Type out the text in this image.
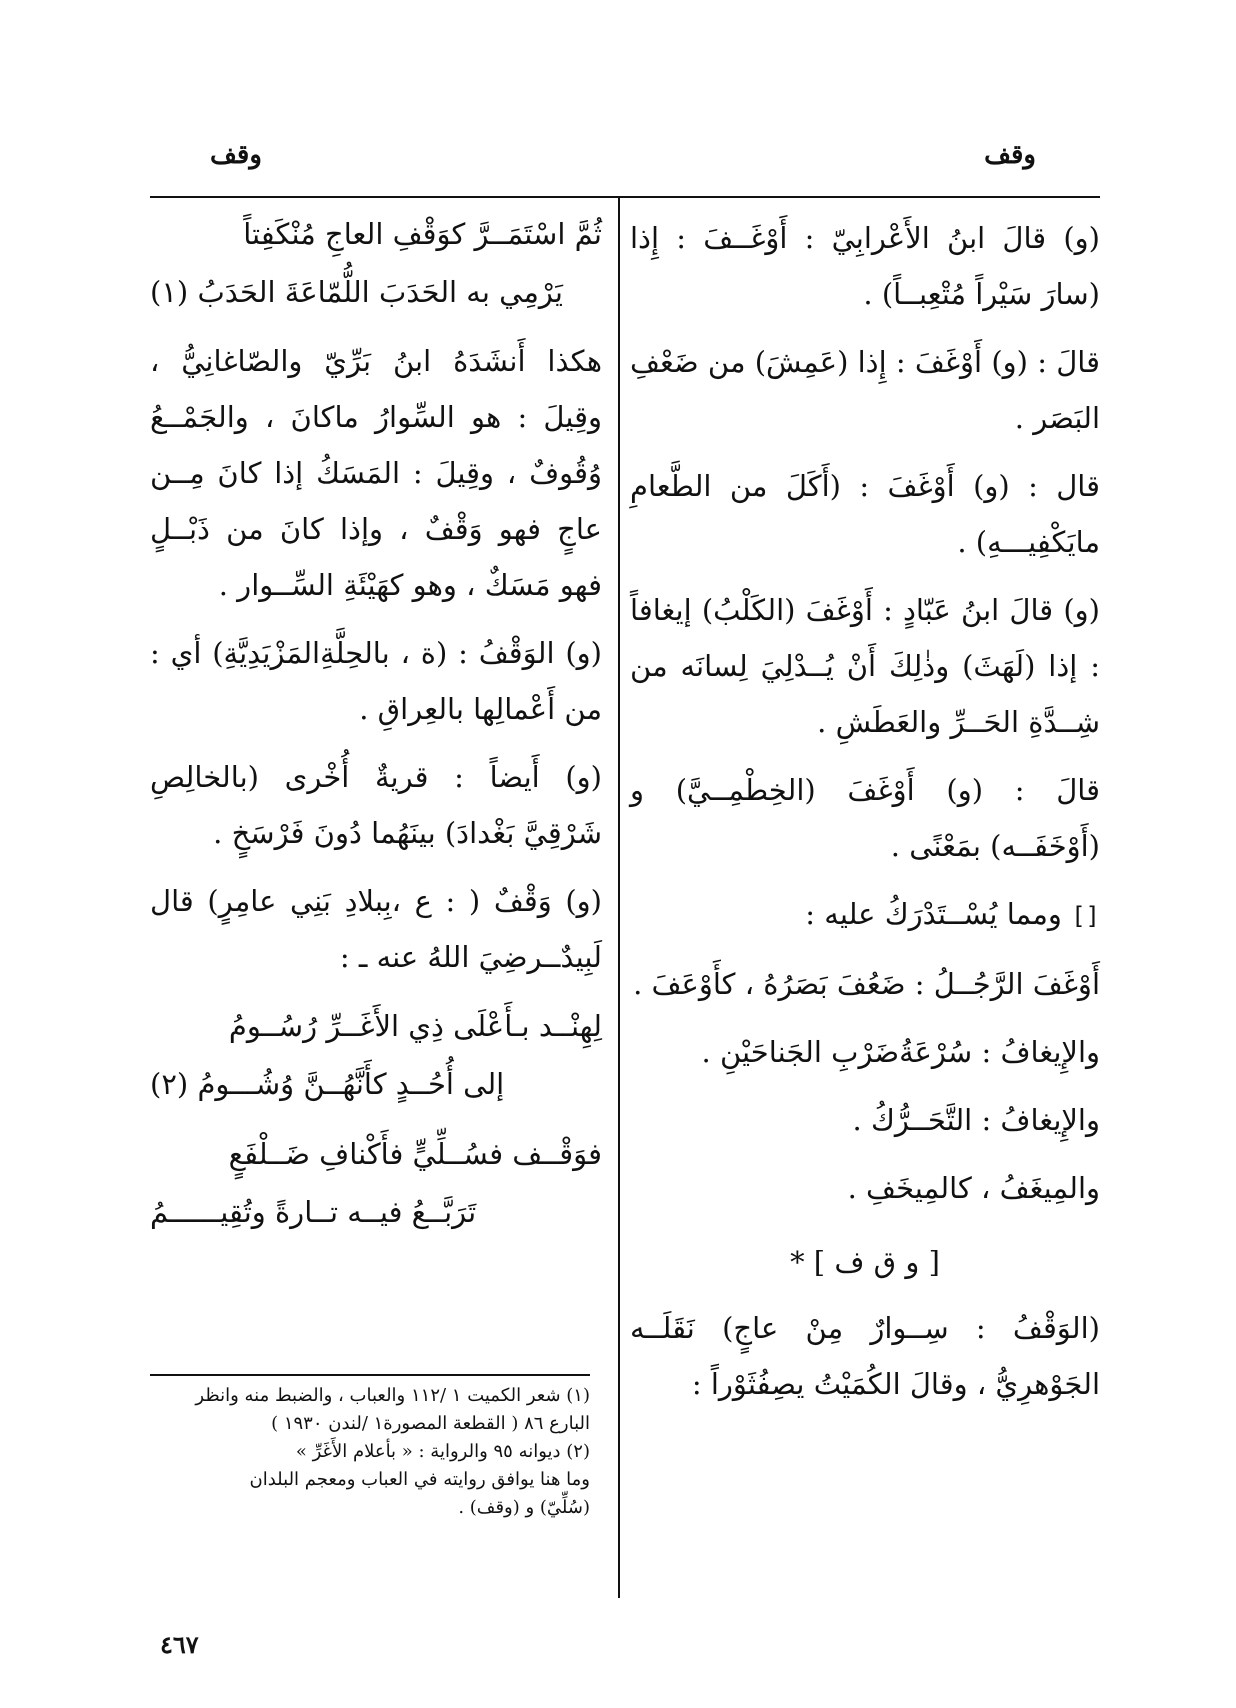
وقف	وقف

(و) قالَ ابنُ الأَعْرابِيّ : أَوْغَــفَ : إِذا (سارَ سَيْراً مُتْعِبــاً) .

قالَ : (و) أَوْغَفَ : إِذا (عَمِشَ) من ضَعْفِ البَصَر .

قال : (و) أَوْغَفَ : (أَكَلَ من الطَّعامِ مايَكْفِيـــهِ) .

(و) قالَ ابنُ عَبّادٍ : أَوْغَفَ (الكَلْبُ) إيغافاً : إذا (لَهَثَ) وذٰلِكَ أَنْ يُــدْلِيَ لِسانَه من شِــدَّةِ الحَــرِّ والعَطَشِ .

قالَ : (و) أَوْغَفَ (الخِطْمِــيَّ) و (أَوْخَفَــه) بمَعْنًى .

[] ومما يُسْــتَدْرَكُ عليه :

أَوْغَفَ الرَّجُــلُ : ضَعُفَ بَصَرُهُ ، كأَوْعَفَ .

والإِيغافُ : سُرْعَةُضَرْبِ الجَناحَيْنِ .

والإِيغافُ : التَّحَــرُّكُ .

والمِيغَفُ ، كالمِيخَفِ .

[ و ق ف ] *

(الوَقْفُ : سِــوارٌ مِنْ عاجٍ) نَقَلَــه الجَوْهرِيُّ ، وقالَ الكُمَيْتُ يصِفُثَوْراً :

ثُمَّ اسْتَمَــرَّ كوَقْفِ العاجِ مُنْكَفِتاً
يَرْمِي به الحَدَبَ اللُّمّاعَةَ الحَدَبُ (١)

هكذا أَنشَدَهُ ابنُ بَرِّيّ والصّاغانِيُّ ، وقِيلَ : هو السِّوارُ ماكانَ ، والجَمْــعُ وُقُوفٌ ، وقِيلَ : المَسَكُ إذا كانَ مِــن عاجٍ فهو وَقْفٌ ، وإذا كانَ من ذَبْــلٍ فهو مَسَكٌ ، وهو كهَيْئَةِ السِّــوار .

(و) الوَقْفُ : (ة ، بالحِلَّةِالمَزْيَدِيَّةِ) أي : من أَعْمالِها بالعِراقِ .

(و) أَيضاً : قريةٌ أُخْرى (بالخالِصِ شَرْقِيَّ بَغْدادَ) بينَهُما دُونَ فَرْسَخٍ .

(و) وَقْفٌ ( : ع ،بِبلادِ بَنِي عامِرٍ) قال لَبِيدٌــرضِيَ اللهُ عنه ـ :

لِهِنْــد بـأَعْلَى ذِي الأَغَــرِّ رُسُــومُ
إلى أُحُــدٍ كأَنَّهُــنَّ وُشُـــومُ (٢)
فوَقْــف فسُــلِّيٍّ فأَكْنافِ ضَــلْفَعٍ
تَرَبَّــعُ فيــه تــارةً وتُقِيــــــمُ

(١) شعر الكميت ١ /١١٢ والعباب ، والضبط منه وانظر البارع ٨٦ ( القطعة المصورة١ /لندن ١٩٣٠ )

(٢) ديوانه ٩٥ والرواية : « بأعلام الأَغَرِّ »

وما هنا يوافق روايته في العباب ومعجم البلدان

(سُلِّيّ) و (وقف) .

٤٦٧
